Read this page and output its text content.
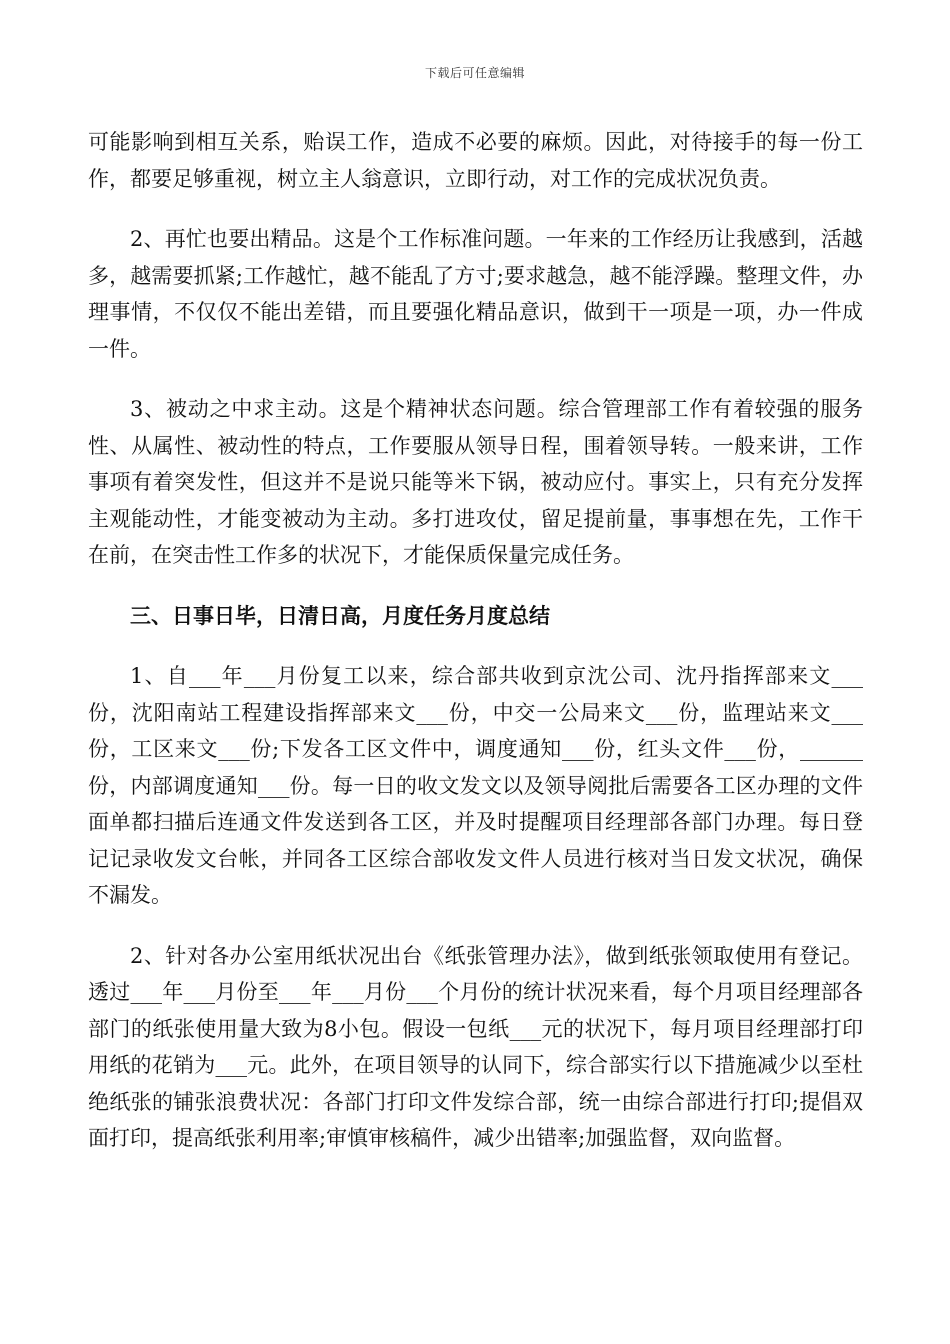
下载后可任意编辑

可能影响到相互关系，贻误工作，造成不必要的麻烦。因此，对待接手的每一份工作，都要足够重视，树立主人翁意识，立即行动，对工作的完成状况负责。

2、再忙也要出精品。这是个工作标准问题。一年来的工作经历让我感到，活越多，越需要抓紧;工作越忙，越不能乱了方寸;要求越急，越不能浮躁。整理文件，办理事情，不仅仅不能出差错，而且要强化精品意识，做到干一项是一项，办一件成一件。

3、被动之中求主动。这是个精神状态问题。综合管理部工作有着较强的服务性、从属性、被动性的特点，工作要服从领导日程，围着领导转。一般来讲，工作事项有着突发性，但这并不是说只能等米下锅，被动应付。事实上，只有充分发挥主观能动性，才能变被动为主动。多打进攻仗，留足提前量，事事想在先，工作干在前，在突击性工作多的状况下，才能保质保量完成任务。

三、日事日毕，日清日高，月度任务月度总结

1、自___年___月份复工以来，综合部共收到京沈公司、沈丹指挥部来文___份，沈阳南站工程建设指挥部来文___份，中交一公局来文___份，监理站来文___份，工区来文___份;下发各工区文件中，调度通知___份，红头文件___份，______份，内部调度通知___份。每一日的收文发文以及领导阅批后需要各工区办理的文件面单都扫描后连通文件发送到各工区，并及时提醒项目经理部各部门办理。每日登记记录收发文台帐，并同各工区综合部收发文件人员进行核对当日发文状况，确保不漏发。

2、针对各办公室用纸状况出台《纸张管理办法》，做到纸张领取使用有登记。透过___年___月份至___年___月份___个月份的统计状况来看，每个月项目经理部各部门的纸张使用量大致为8小包。假设一包纸___元的状况下，每月项目经理部打印用纸的花销为___元。此外，在项目领导的认同下，综合部实行以下措施减少以至杜绝纸张的铺张浪费状况：各部门打印文件发综合部，统一由综合部进行打印;提倡双面打印，提高纸张利用率;审慎审核稿件，减少出错率;加强监督，双向监督。
